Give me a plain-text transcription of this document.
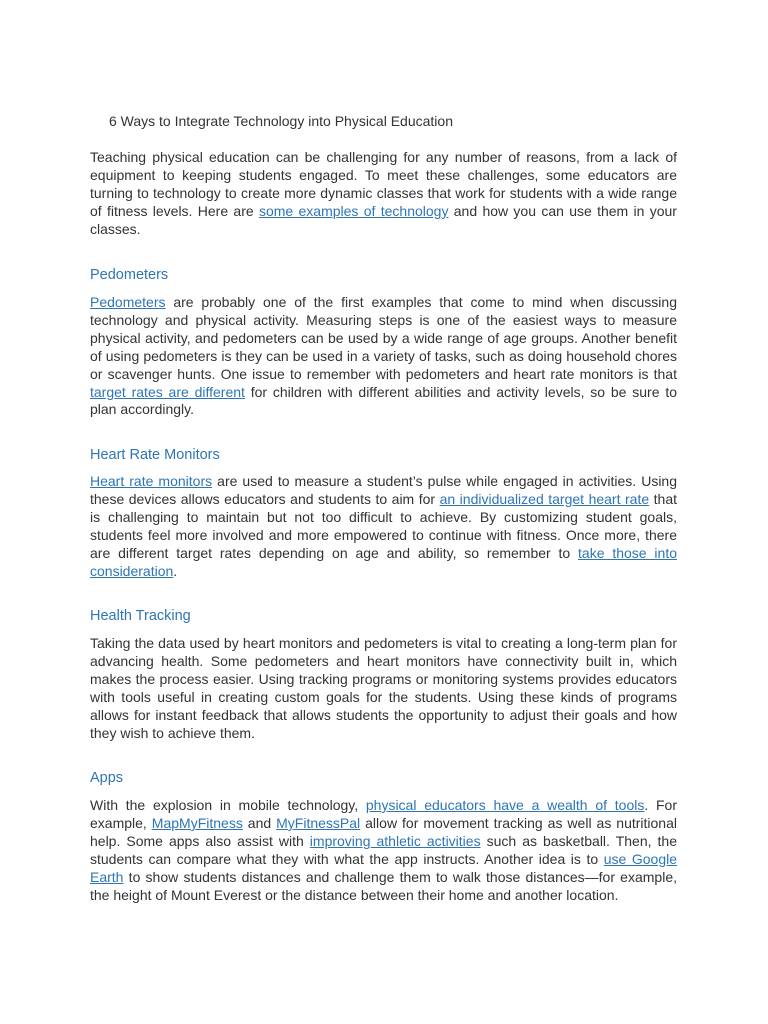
6 Ways to Integrate Technology into Physical Education

Teaching physical education can be challenging for any number of reasons, from a lack of equipment to keeping students engaged. To meet these challenges, some educators are turning to technology to create more dynamic classes that work for students with a wide range of fitness levels. Here are some examples of technology and how you can use them in your classes.

Pedometers

Pedometers are probably one of the first examples that come to mind when discussing technology and physical activity. Measuring steps is one of the easiest ways to measure physical activity, and pedometers can be used by a wide range of age groups. Another benefit of using pedometers is they can be used in a variety of tasks, such as doing household chores or scavenger hunts. One issue to remember with pedometers and heart rate monitors is that target rates are different for children with different abilities and activity levels, so be sure to plan accordingly.

Heart Rate Monitors

Heart rate monitors are used to measure a student’s pulse while engaged in activities. Using these devices allows educators and students to aim for an individualized target heart rate that is challenging to maintain but not too difficult to achieve. By customizing student goals, students feel more involved and more empowered to continue with fitness. Once more, there are different target rates depending on age and ability, so remember to take those into consideration.

Health Tracking

Taking the data used by heart monitors and pedometers is vital to creating a long-term plan for advancing health. Some pedometers and heart monitors have connectivity built in, which makes the process easier. Using tracking programs or monitoring systems provides educators with tools useful in creating custom goals for the students. Using these kinds of programs allows for instant feedback that allows students the opportunity to adjust their goals and how they wish to achieve them.

Apps

With the explosion in mobile technology, physical educators have a wealth of tools. For example, MapMyFitness and MyFitnessPal allow for movement tracking as well as nutritional help. Some apps also assist with improving athletic activities such as basketball. Then, the students can compare what they with what the app instructs. Another idea is to use Google Earth to show students distances and challenge them to walk those distances—for example, the height of Mount Everest or the distance between their home and another location.
